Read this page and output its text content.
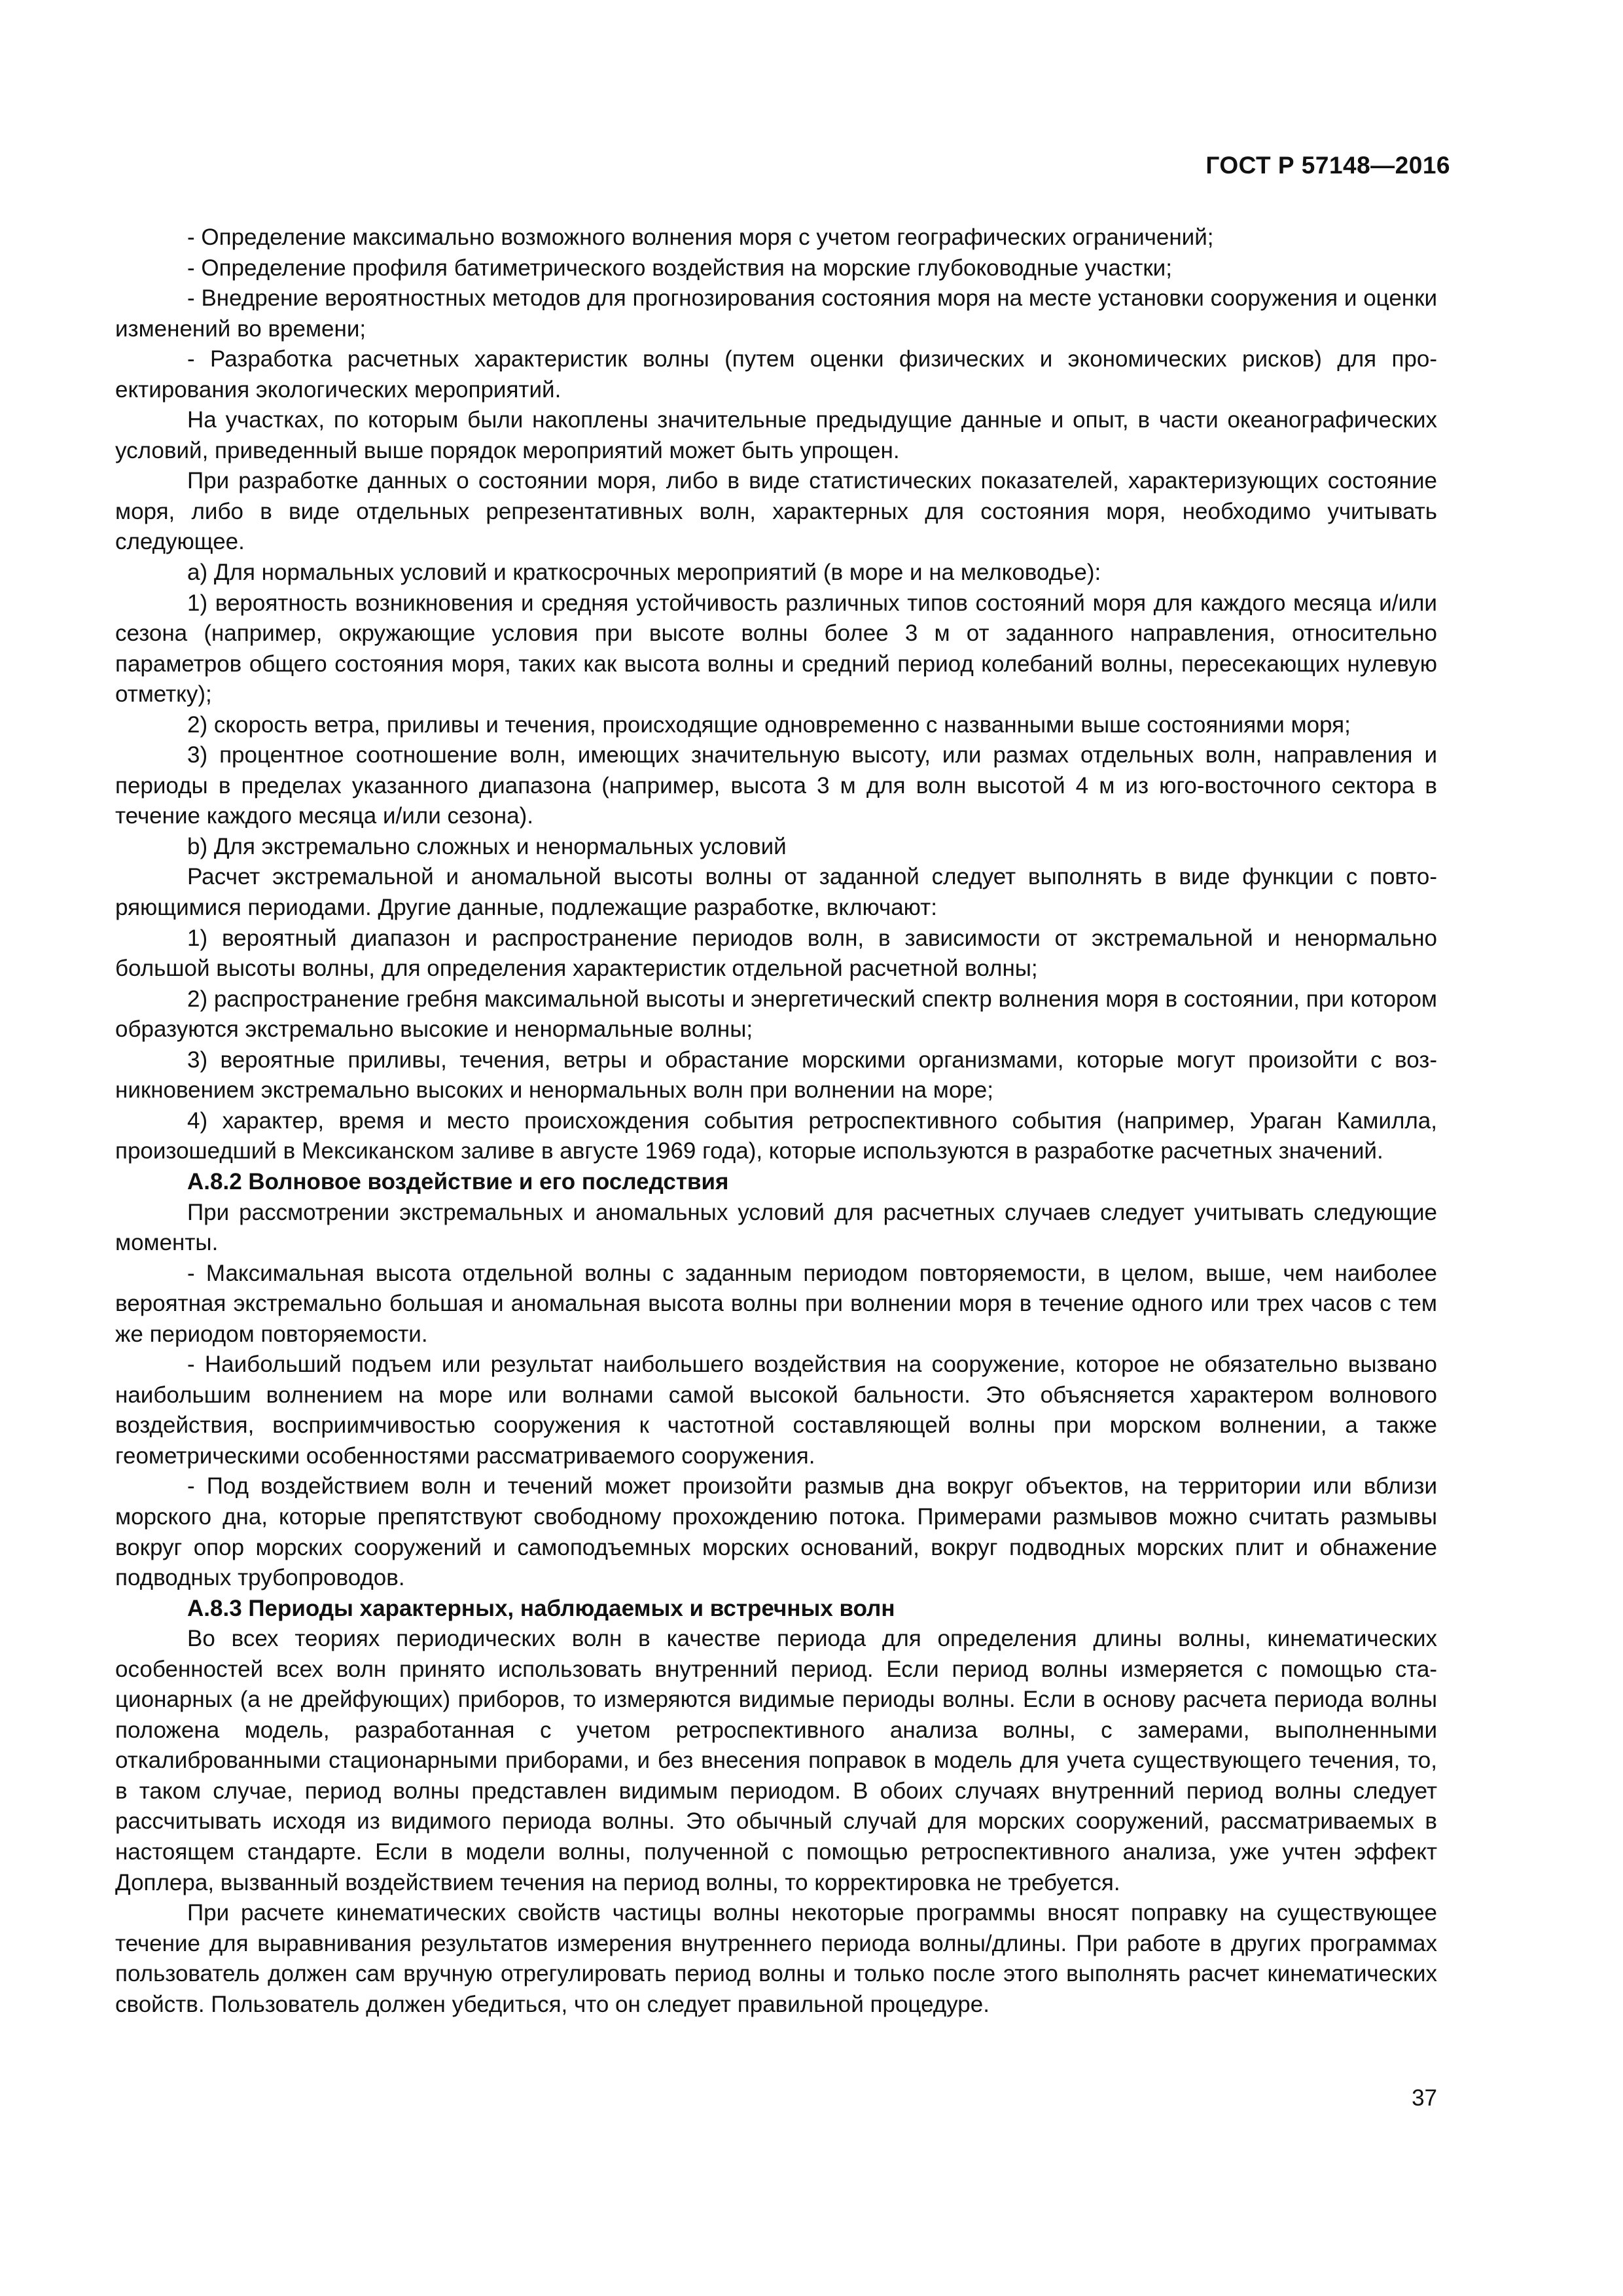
ГОСТ Р 57148—2016

- Определение максимально возможного волнения моря с учетом географических ограничений;

- Определение профиля батиметрического воздействия на морские глубоководные участки;

- Внедрение вероятностных методов для прогнозирования состояния моря на месте установки сооружения и оценки изменений во времени;

- Разработка расчетных характеристик волны (путем оценки физических и экономических рисков) для проектирования экологических мероприятий.

На участках, по которым были накоплены значительные предыдущие данные и опыт, в части океанографических условий, приведенный выше порядок мероприятий может быть упрощен.

При разработке данных о состоянии моря, либо в виде статистических показателей, характеризующих состояние моря, либо в виде отдельных репрезентативных волн, характерных для состояния моря, необходимо учитывать следующее.

a) Для нормальных условий и краткосрочных мероприятий (в море и на мелководье):

1) вероятность возникновения и средняя устойчивость различных типов состояний моря для каждого месяца и/или сезона (например, окружающие условия при высоте волны более 3 м от заданного направления, относительно параметров общего состояния моря, таких как высота волны и средний период колебаний волны, пересекающих нулевую отметку);

2) скорость ветра, приливы и течения, происходящие одновременно с названными выше состояниями моря;

3) процентное соотношение волн, имеющих значительную высоту, или размах отдельных волн, направления и периоды в пределах указанного диапазона (например, высота 3 м для волн высотой 4 м из юго-восточного сектора в течение каждого месяца и/или сезона).

b) Для экстремально сложных и ненормальных условий

Расчет экстремальной и аномальной высоты волны от заданной следует выполнять в виде функции с повторяющимися периодами. Другие данные, подлежащие разработке, включают:

1) вероятный диапазон и распространение периодов волн, в зависимости от экстремальной и ненормально большой высоты волны, для определения характеристик отдельной расчетной волны;

2) распространение гребня максимальной высоты и энергетический спектр волнения моря в состоянии, при котором образуются экстремально высокие и ненормальные волны;

3) вероятные приливы, течения, ветры и обрастание морскими организмами, которые могут произойти с возникновением экстремально высоких и ненормальных волн при волнении на море;

4) характер, время и место происхождения события ретроспективного события (например, Ураган Камилла, произошедший в Мексиканском заливе в августе 1969 года), которые используются в разработке расчетных значений.

А.8.2 Волновое воздействие и его последствия

При рассмотрении экстремальных и аномальных условий для расчетных случаев следует учитывать следующие моменты.

- Максимальная высота отдельной волны с заданным периодом повторяемости, в целом, выше, чем наиболее вероятная экстремально большая и аномальная высота волны при волнении моря в течение одного или трех часов с тем же периодом повторяемости.

- Наибольший подъем или результат наибольшего воздействия на сооружение, которое не обязательно вызвано наибольшим волнением на море или волнами самой высокой бальности. Это объясняется характером волнового воздействия, восприимчивостью сооружения к частотной составляющей волны при морском волнении, а также геометрическими особенностями рассматриваемого сооружения.

- Под воздействием волн и течений может произойти размыв дна вокруг объектов, на территории или вблизи морского дна, которые препятствуют свободному прохождению потока. Примерами размывов можно считать размывы вокруг опор морских сооружений и самоподъемных морских оснований, вокруг подводных морских плит и обнажение подводных трубопроводов.

А.8.3 Периоды характерных, наблюдаемых и встречных волн

Во всех теориях периодических волн в качестве периода для определения длины волны, кинематических особенностей всех волн принято использовать внутренний период. Если период волны измеряется с помощью стационарных (а не дрейфующих) приборов, то измеряются видимые периоды волны. Если в основу расчета периода волны положена модель, разработанная с учетом ретроспективного анализа волны, с замерами, выполненными откалиброванными стационарными приборами, и без внесения поправок в модель для учета существующего течения, то, в таком случае, период волны представлен видимым периодом. В обоих случаях внутренний период волны следует рассчитывать исходя из видимого периода волны. Это обычный случай для морских сооружений, рассматриваемых в настоящем стандарте. Если в модели волны, полученной с помощью ретроспективного анализа, уже учтен эффект Доплера, вызванный воздействием течения на период волны, то корректировка не требуется.

При расчете кинематических свойств частицы волны некоторые программы вносят поправку на существующее течение для выравнивания результатов измерения внутреннего периода волны/длины. При работе в других программах пользователь должен сам вручную отрегулировать период волны и только после этого выполнять расчет кинематических свойств. Пользователь должен убедиться, что он следует правильной процедуре.

37
